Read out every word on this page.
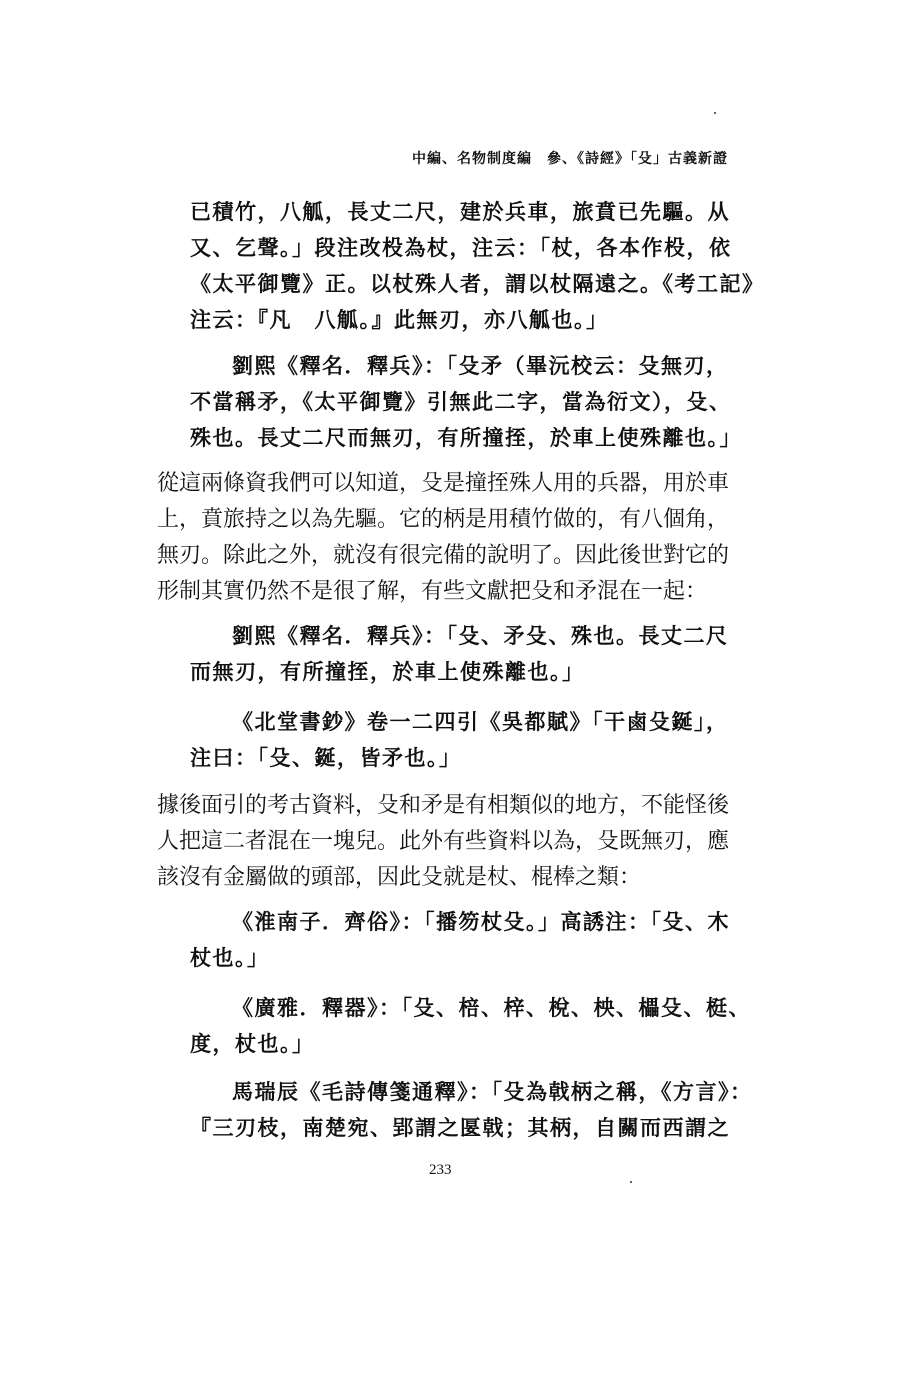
中編、名物制度編　參、《詩經》「殳」古義新證
已積竹，八觚，長丈二尺，建於兵車，旅賁已先驅。从
又、乞聲。」段注改杸為杖，注云：「杖，各本作杸，依
《太平御覽》正。以杖殊人者，謂以杖隔遠之。《考工記》
注云：『凡　八觚。』此無刃，亦八觚也。」
劉熙《釋名．釋兵》：「殳矛（畢沅校云：殳無刃，
不當稱矛，《太平御覽》引無此二字，當為衍文），殳、
殊也。長丈二尺而無刃，有所撞挃，於車上使殊離也。」
從這兩條資我們可以知道，殳是撞挃殊人用的兵器，用於車
上，賁旅持之以為先驅。它的柄是用積竹做的，有八個角，
無刃。除此之外，就沒有很完備的說明了。因此後世對它的
形制其實仍然不是很了解，有些文獻把殳和矛混在一起：
劉熙《釋名．釋兵》：「殳、矛殳、殊也。長丈二尺
而無刃，有所撞挃，於車上使殊離也。」
《北堂書鈔》卷一二四引《吳都賦》「干鹵殳鋋」，
注曰：「殳、鋋，皆矛也。」
據後面引的考古資料，殳和矛是有相類似的地方，不能怪後
人把這二者混在一塊兒。此外有些資料以為，殳既無刃，應
該沒有金屬做的頭部，因此殳就是杖、棍棒之類：
《淮南子．齊俗》：「播笏杖殳。」高誘注：「殳、木
杖也。」
《廣雅．釋器》：「殳、棓、梓、梲、柍、櫑殳、梃、
度，杖也。」
馬瑞辰《毛詩傳箋通釋》：「殳為戟柄之稱，《方言》：
『三刃枝，南楚宛、郢謂之匽戟；其柄，自關而西謂之
233
